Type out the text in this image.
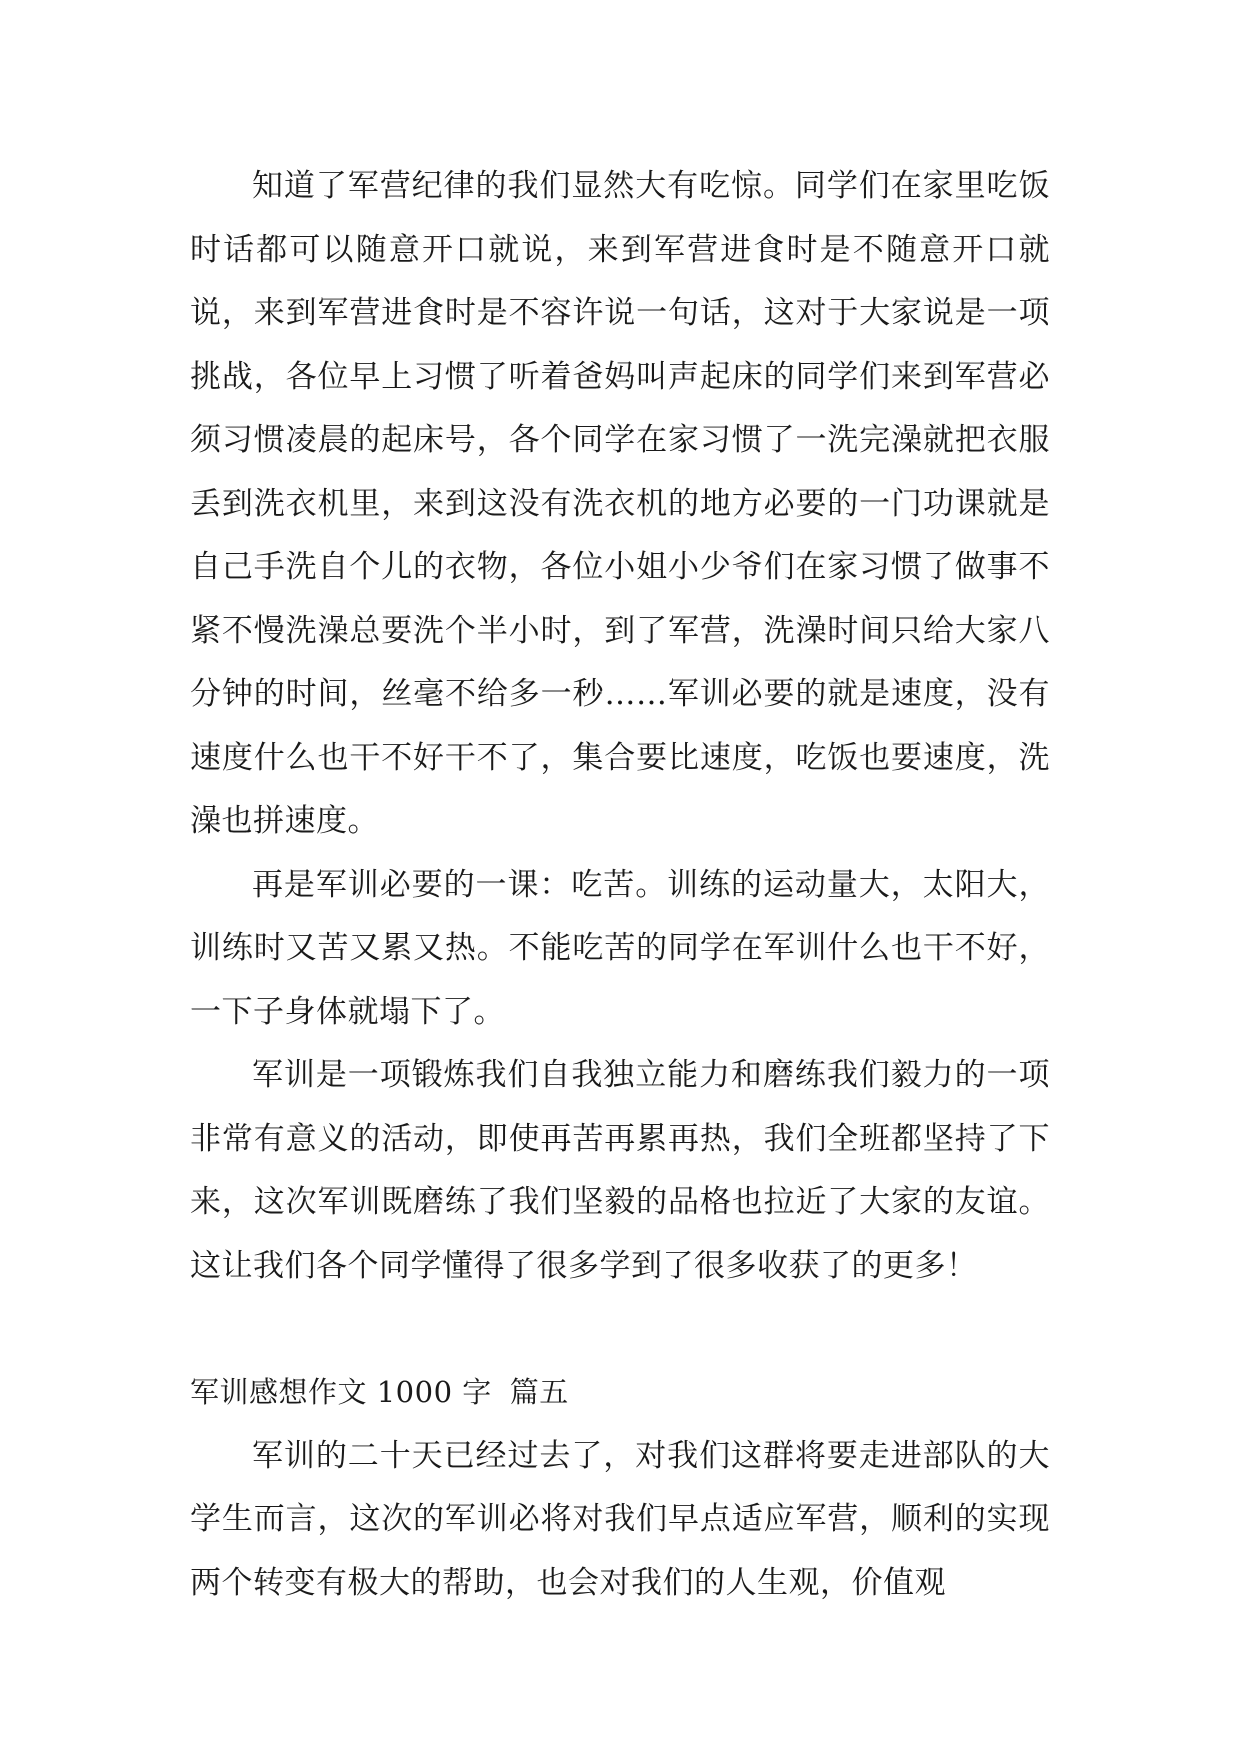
知道了军营纪律的我们显然大有吃惊。同学们在家里吃饭时话都可以随意开口就说，来到军营进食时是不随意开口就说，来到军营进食时是不容许说一句话，这对于大家说是一项挑战，各位早上习惯了听着爸妈叫声起床的同学们来到军营必须习惯凌晨的起床号，各个同学在家习惯了一洗完澡就把衣服丢到洗衣机里，来到这没有洗衣机的地方必要的一门功课就是自己手洗自个儿的衣物，各位小姐小少爷们在家习惯了做事不紧不慢洗澡总要洗个半小时，到了军营，洗澡时间只给大家八分钟的时间，丝毫不给多一秒……军训必要的就是速度，没有速度什么也干不好干不了，集合要比速度，吃饭也要速度，洗澡也拼速度。

再是军训必要的一课：吃苦。训练的运动量大，太阳大，训练时又苦又累又热。不能吃苦的同学在军训什么也干不好，一下子身体就塌下了。

军训是一项锻炼我们自我独立能力和磨练我们毅力的一项非常有意义的活动，即使再苦再累再热，我们全班都坚持了下来，这次军训既磨练了我们坚毅的品格也拉近了大家的友谊。这让我们各个同学懂得了很多学到了很多收获了的更多！

军训感想作文 1000 字 篇五

军训的二十天已经过去了，对我们这群将要走进部队的大学生而言，这次的军训必将对我们早点适应军营，顺利的实现两个转变有极大的帮助，也会对我们的人生观，价值观
